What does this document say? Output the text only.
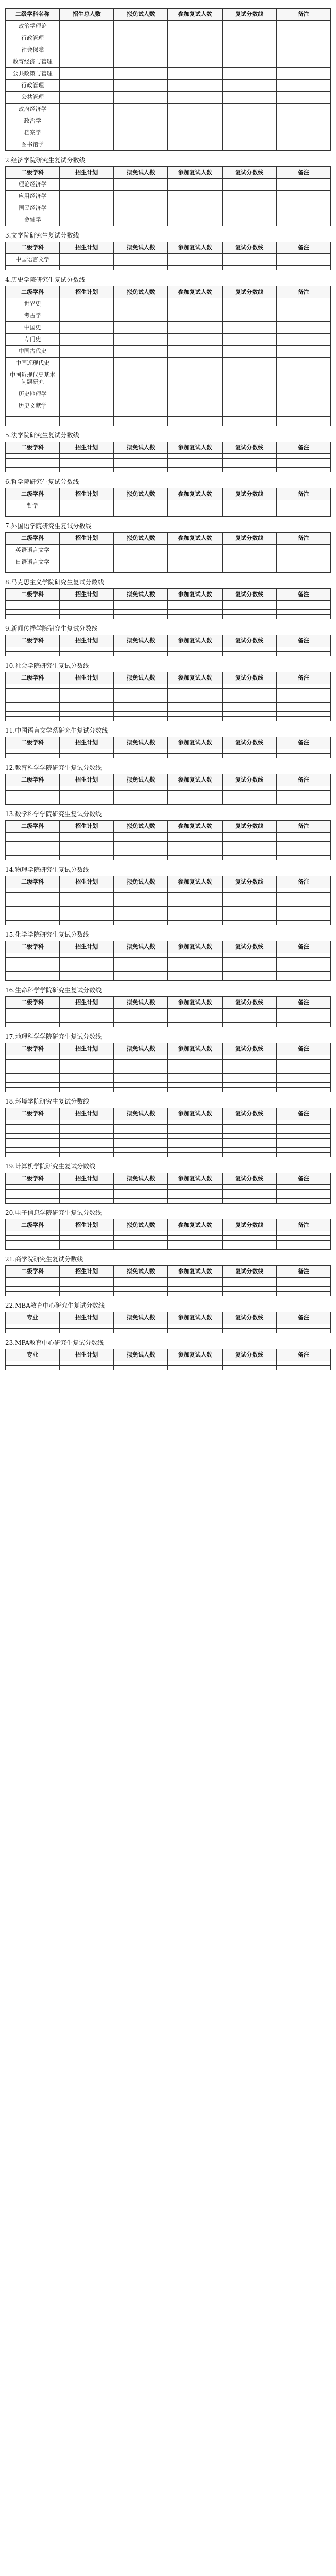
二级学科名称	招生总人数	拟免试人数	参加复试人数	复试分数线	备注
政治学理论					
行政管理					
社会保障					
教育经济与管理					
公共政策与管理					
行政管理					
公共管理					
政府经济学					
政治学					
档案学					
图书馆学					
2.经济学院研究生复试分数线
二级学科	招生计划	拟免试人数	参加复试人数	复试分数线	备注
理论经济学					
应用经济学					
国民经济学					
金融学					
3.文学院研究生复试分数线
二级学科	招生计划	拟免试人数	参加复试人数	复试分数线	备注
中国语言文学					

4.历史学院研究生复试分数线
二级学科	招生计划	拟免试人数	参加复试人数	复试分数线	备注
世界史					
考古学					
中国史					
专门史					
中国古代史					
中国近现代史					
中国近现代史基本问题研究					
历史地理学					
历史文献学					

5.法学院研究生复试分数线
二级学科	招生计划	拟免试人数	参加复试人数	复试分数线	备注

6.哲学院研究生复试分数线
二级学科	招生计划	拟免试人数	参加复试人数	复试分数线	备注
哲学					

7.外国语学院研究生复试分数线
二级学科	招生计划	拟免试人数	参加复试人数	复试分数线	备注
英语语言文学					
日语语言文学					

8.马克思主义学院研究生复试分数线
二级学科	招生计划	拟免试人数	参加复试人数	复试分数线	备注

9.新闻传播学院研究生复试分数线
二级学科	招生计划	拟免试人数	参加复试人数	复试分数线	备注

10.社会学院研究生复试分数线
二级学科	招生计划	拟免试人数	参加复试人数	复试分数线	备注

11.中国语言文学系研究生复试分数线
二级学科	招生计划	拟免试人数	参加复试人数	复试分数线	备注

12.教育科学学院研究生复试分数线
二级学科	招生计划	拟免试人数	参加复试人数	复试分数线	备注

13.数学科学学院研究生复试分数线
二级学科	招生计划	拟免试人数	参加复试人数	复试分数线	备注

14.物理学院研究生复试分数线
二级学科	招生计划	拟免试人数	参加复试人数	复试分数线	备注

15.化学学院研究生复试分数线
二级学科	招生计划	拟免试人数	参加复试人数	复试分数线	备注

16.生命科学学院研究生复试分数线
二级学科	招生计划	拟免试人数	参加复试人数	复试分数线	备注

17.地理科学学院研究生复试分数线
二级学科	招生计划	拟免试人数	参加复试人数	复试分数线	备注

18.环境学院研究生复试分数线
二级学科	招生计划	拟免试人数	参加复试人数	复试分数线	备注

19.计算机学院研究生复试分数线
二级学科	招生计划	拟免试人数	参加复试人数	复试分数线	备注

20.电子信息学院研究生复试分数线
二级学科	招生计划	拟免试人数	参加复试人数	复试分数线	备注

21.商学院研究生复试分数线
二级学科	招生计划	拟免试人数	参加复试人数	复试分数线	备注

22.MBA教育中心研究生复试分数线
专业	招生计划	拟免试人数	参加复试人数	复试分数线	备注

23.MPA教育中心研究生复试分数线
专业	招生计划	拟免试人数	参加复试人数	复试分数线	备注
